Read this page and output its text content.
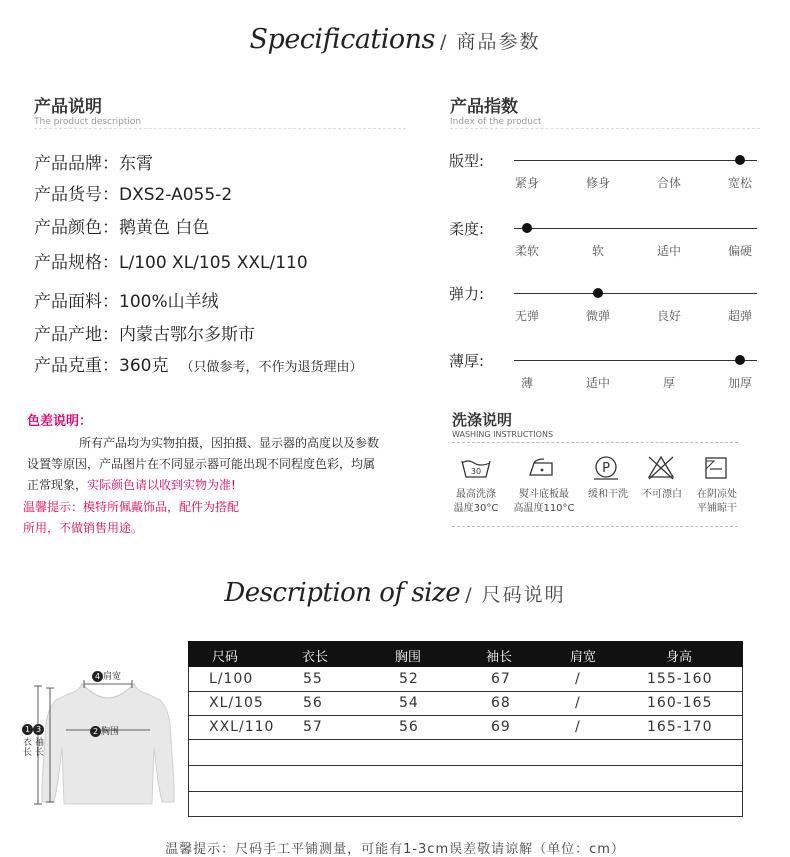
Specifications / 商品参数
产品说明
The product description
产品品牌：东霄
产品货号：DXS2-A055-2
产品颜色：鹅黄色 白色
产品规格：L/100 XL/105 XXL/110
产品面料：100%山羊绒
产品产地：内蒙古鄂尔多斯市
产品克重：360克 （只做参考，不作为退货理由）
产品指数
Index of the product
版型:
紧身	修身	合体	宽松
柔度:
柔软	软	适中	偏硬
弹力:
无弹	微弹	良好	超弹
薄厚:
薄	适中	厚	加厚
色差说明：
所有产品均为实物拍摄，因拍摄、显示器的高度以及参数
设置等原因，产品图片在不同显示器可能出现不同程度色彩，均属
正常现象，实际颜色请以收到实物为准!
温馨提示：模特所佩戴饰品，配件为搭配
所用，不做销售用途。
洗涤说明
WASHING INSTRUCTIONS
30	P
最高洗涤
温度30°C
熨斗底板最
高温度110°C
缓和干洗	不可漂白	在阴凉处
平铺晾干
Description of size / 尺码说明
4 肩宽
2 胸围
1 3
衣长
袖长
尺码	衣长	胸围	袖长	肩宽	身高
L/100	55	52	67	/	155-160
XL/105	56	54	68	/	160-165
XXL/110 57	56	69	/	165-170
温馨提示：尺码手工平铺测量，可能有1-3cm误差敬请谅解（单位：cm）
